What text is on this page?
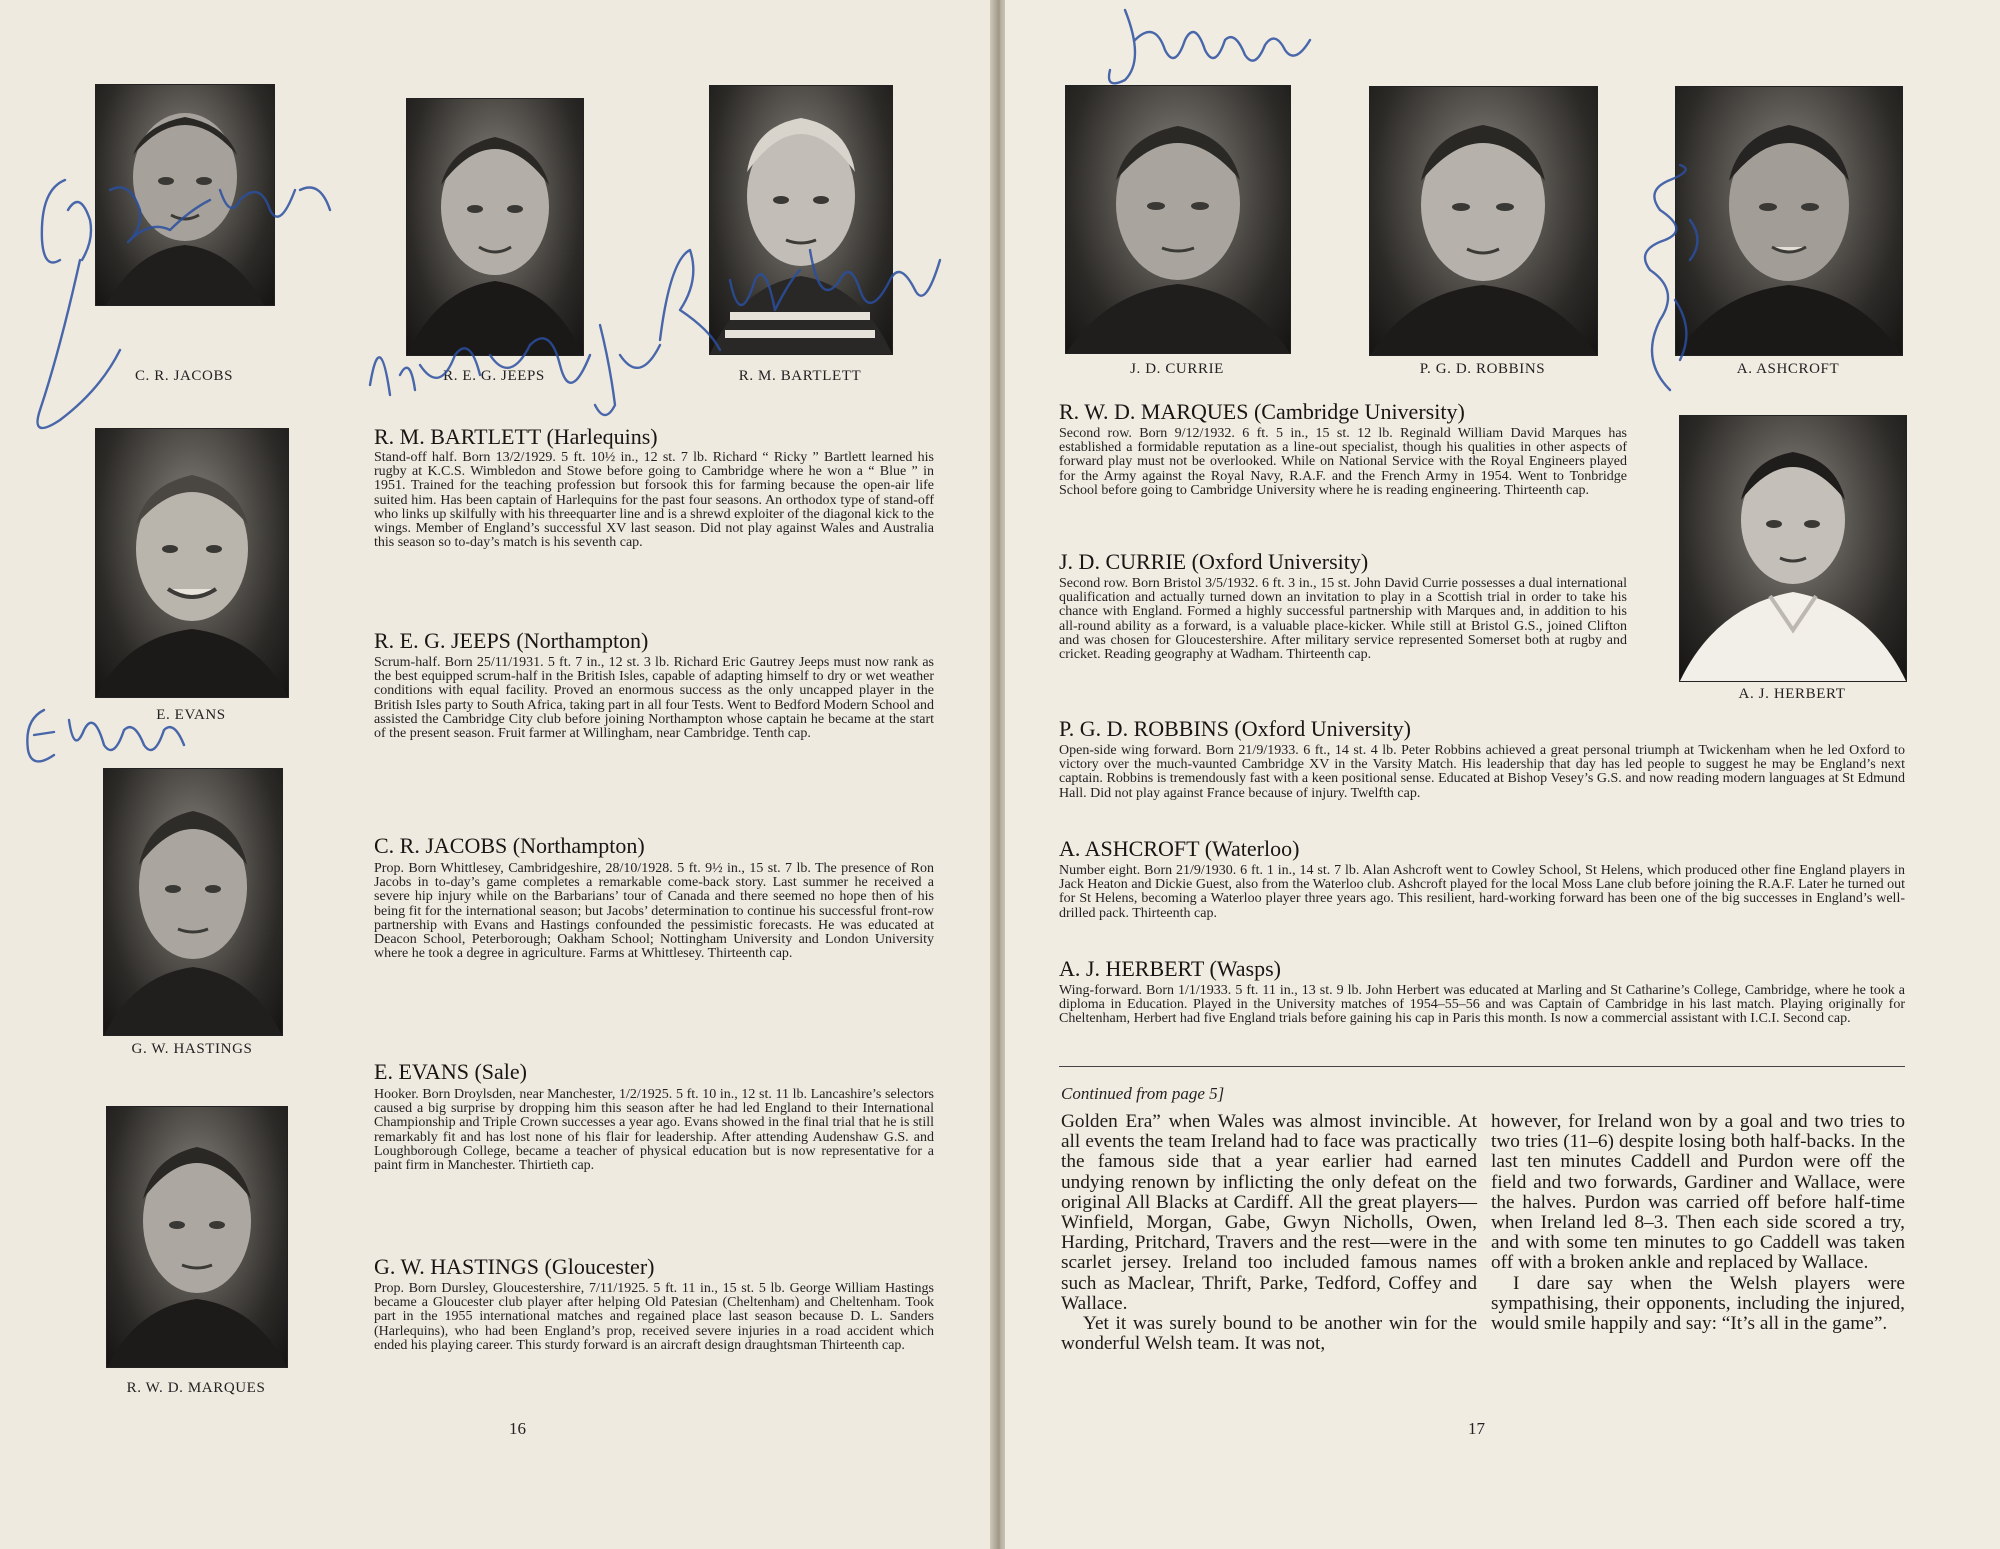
C. R. JACOBS	R. E. G. JEEPS	R. M. BARTLETT
E. EVANS
G. W. HASTINGS
R. W. D. MARQUES
R. M. BARTLETT (Harlequins)
Stand-off half. Born 13/2/1929. 5 ft. 10½ in., 12 st. 7 lb. Richard “ Ricky ” Bartlett learned his rugby at K.C.S. Wimbledon and Stowe before going to Cambridge where he won a “ Blue ” in 1951. Trained for the teaching profession but forsook this for farming because the open-air life suited him. Has been captain of Harlequins for the past four seasons. An orthodox type of stand-off who links up skilfully with his threequarter line and is a shrewd exploiter of the diagonal kick to the wings. Member of England’s successful XV last season. Did not play against Wales and Australia this season so to-day’s match is his seventh cap.
R. E. G. JEEPS (Northampton)
Scrum-half. Born 25/11/1931. 5 ft. 7 in., 12 st. 3 lb. Richard Eric Gautrey Jeeps must now rank as the best equipped scrum-half in the British Isles, capable of adapting himself to dry or wet weather conditions with equal facility. Proved an enormous success as the only uncapped player in the British Isles party to South Africa, taking part in all four Tests. Went to Bedford Modern School and assisted the Cambridge City club before joining Northampton whose captain he became at the start of the present season. Fruit farmer at Willingham, near Cambridge. Tenth cap.
C. R. JACOBS (Northampton)
Prop. Born Whittlesey, Cambridgeshire, 28/10/1928. 5 ft. 9½ in., 15 st. 7 lb. The presence of Ron Jacobs in to-day’s game completes a remarkable come-back story. Last summer he received a severe hip injury while on the Barbarians’ tour of Canada and there seemed no hope then of his being fit for the international season; but Jacobs’ determination to continue his successful front-row partnership with Evans and Hastings confounded the pessimistic forecasts. He was educated at Deacon School, Peterborough; Oakham School; Nottingham University and London University where he took a degree in agriculture. Farms at Whittlesey. Thirteenth cap.
E. EVANS (Sale)
Hooker. Born Droylsden, near Manchester, 1/2/1925. 5 ft. 10 in., 12 st. 11 lb. Lancashire’s selectors caused a big surprise by dropping him this season after he had led England to their International Championship and Triple Crown successes a year ago. Evans showed in the final trial that he is still remarkably fit and has lost none of his flair for leadership. After attending Audenshaw G.S. and Loughborough College, became a teacher of physical education but is now representative for a paint firm in Manchester. Thirtieth cap.
G. W. HASTINGS (Gloucester)
Prop. Born Dursley, Gloucestershire, 7/11/1925. 5 ft. 11 in., 15 st. 5 lb. George William Hastings became a Gloucester club player after helping Old Patesian (Cheltenham) and Cheltenham. Took part in the 1955 international matches and regained place last season because D. L. Sanders (Harlequins), who had been England’s prop, received severe injuries in a road accident which ended his playing career. This sturdy forward is an aircraft design draughtsman Thirteenth cap.
16
J. D. CURRIE	P. G. D. ROBBINS	A. ASHCROFT
A. J. HERBERT
R. W. D. MARQUES (Cambridge University)
Second row. Born 9/12/1932. 6 ft. 5 in., 15 st. 12 lb. Reginald William David Marques has established a formidable reputation as a line-out specialist, though his qualities in other aspects of forward play must not be overlooked. While on National Service with the Royal Engineers played for the Army against the Royal Navy, R.A.F. and the French Army in 1954. Went to Tonbridge School before going to Cambridge University where he is reading engineering. Thirteenth cap.
J. D. CURRIE (Oxford University)
Second row. Born Bristol 3/5/1932. 6 ft. 3 in., 15 st. John David Currie possesses a dual international qualification and actually turned down an invitation to play in a Scottish trial in order to take his chance with England. Formed a highly successful partnership with Marques and, in addition to his all-round ability as a forward, is a valuable place-kicker. While still at Bristol G.S., joined Clifton and was chosen for Gloucestershire. After military service represented Somerset both at rugby and cricket. Reading geography at Wadham. Thirteenth cap.
P. G. D. ROBBINS (Oxford University)
Open-side wing forward. Born 21/9/1933. 6 ft., 14 st. 4 lb. Peter Robbins achieved a great personal triumph at Twickenham when he led Oxford to victory over the much-vaunted Cambridge XV in the Varsity Match. His leadership that day has led people to suggest he may be England’s next captain. Robbins is tremendously fast with a keen positional sense. Educated at Bishop Vesey’s G.S. and now reading modern languages at St Edmund Hall. Did not play against France because of injury. Twelfth cap.
A. ASHCROFT (Waterloo)
Number eight. Born 21/9/1930. 6 ft. 1 in., 14 st. 7 lb. Alan Ashcroft went to Cowley School, St Helens, which produced other fine England players in Jack Heaton and Dickie Guest, also from the Waterloo club. Ashcroft played for the local Moss Lane club before joining the R.A.F. Later he turned out for St Helens, becoming a Waterloo player three years ago. This resilient, hard-working forward has been one of the big successes in England’s well-drilled pack. Thirteenth cap.
A. J. HERBERT (Wasps)
Wing-forward. Born 1/1/1933. 5 ft. 11 in., 13 st. 9 lb. John Herbert was educated at Marling and St Catharine’s College, Cambridge, where he took a diploma in Education. Played in the University matches of 1954–55–56 and was Captain of Cambridge in his last match. Playing originally for Cheltenham, Herbert had five England trials before gaining his cap in Paris this month. Is now a commercial assistant with I.C.I. Second cap.
Continued from page 5]

Golden Era” when Wales was almost invincible. At all events the team Ireland had to face was practically the famous side that a year earlier had earned undying renown by inflicting the only defeat on the original All Blacks at Cardiff. All the great players—Winfield, Morgan, Gabe, Gwyn Nicholls, Owen, Harding, Pritchard, Travers and the rest—were in the scarlet jersey. Ireland too included famous names such as Maclear, Thrift, Parke, Tedford, Coffey and Wallace.

Yet it was surely bound to be another win for the wonderful Welsh team. It was not,

however, for Ireland won by a goal and two tries to two tries (11–6) despite losing both half-backs. In the last ten minutes Caddell and Purdon were off the field and two forwards, Gardiner and Wallace, were the halves. Purdon was carried off before half-time when Ireland led 8–3. Then each side scored a try, and with some ten minutes to go Caddell was taken off with a broken ankle and replaced by Wallace.

I dare say when the Welsh players were sympathising, their opponents, including the injured, would smile happily and say: “It’s all in the game”.

17
